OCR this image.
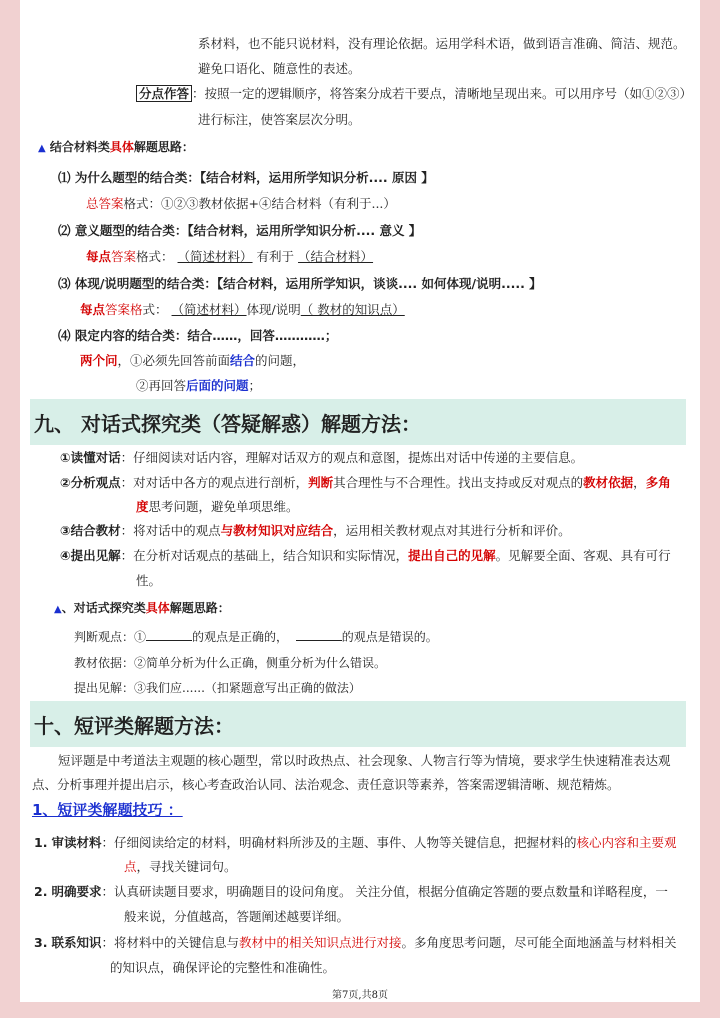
系材料，也不能只说材料，没有理论依据。运用学科术语，做到语言准确、简洁、规范。
避免口语化、随意性的表述。
分点作答 ：按照一定的逻辑顺序，将答案分成若干要点，清晰地呈现出来。可以用序号（如①②③）
进行标注，使答案层次分明。
▲ 结合材料类具体解题思路：
⑴ 为什么题型的结合类：【结合材料，运用所学知识分析.... 原因 】
总答案格式：①②③教材依据+④结合材料（有利于...）
⑵ 意义题型的结合类：【结合材料，运用所学知识分析.... 意义 】
每点答案格式： （简述材料） 有利于 （结合材料）
⑶ 体现/说明题型的结合类：【结合材料，运用所学知识，谈谈.... 如何体现/说明..... 】
每点答案格式： （简述材料）体现/说明（ 教材的知识点）
⑷ 限定内容的结合类：结合……，回答…………；
两个问，①必须先回答前面结合的问题，
②再回答后面的问题；
九、 对话式探究类（答疑解惑）解题方法：
①读懂对话：仔细阅读对话内容，理解对话双方的观点和意图，提炼出对话中传递的主要信息。
②分析观点：对对话中各方的观点进行剖析，判断其合理性与不合理性。找出支持或反对观点的教材依据，多角
度思考问题，避免单项思维。
③结合教材：将对话中的观点与教材知识对应结合，运用相关教材观点对其进行分析和评价。
④提出见解：在分析对话观点的基础上，结合知识和实际情况，提出自己的见解。见解要全面、客观、具有可行
性。
▲、对话式探究类具体解题思路：
判断观点：①	的观点是正确的，	的观点是错误的。
教材依据：②简单分析为什么正确，侧重分析为什么错误。
提出见解：③我们应......（扣紧题意写出正确的做法）
十、短评类解题方法：
短评题是中考道法主观题的核心题型，常以时政热点、社会现象、人物言行等为情境，要求学生快速精准表达观
点、分析事理并提出启示，核心考查政治认同、法治观念、责任意识等素养，答案需逻辑清晰、规范精炼。
1、短评类解题技巧 ：
1. 审读材料：仔细阅读给定的材料，明确材料所涉及的主题、事件、人物等关键信息，把握材料的核心内容和主要观
点，寻找关键词句。
2. 明确要求：认真研读题目要求，明确题目的设问角度。 关注分值，根据分值确定答题的要点数量和详略程度，一
般来说，分值越高，答题阐述越要详细。
3. 联系知识：将材料中的关键信息与教材中的相关知识点进行对接。多角度思考问题，尽可能全面地涵盖与材料相关
的知识点，确保评论的完整性和准确性。
第7页,共8页
